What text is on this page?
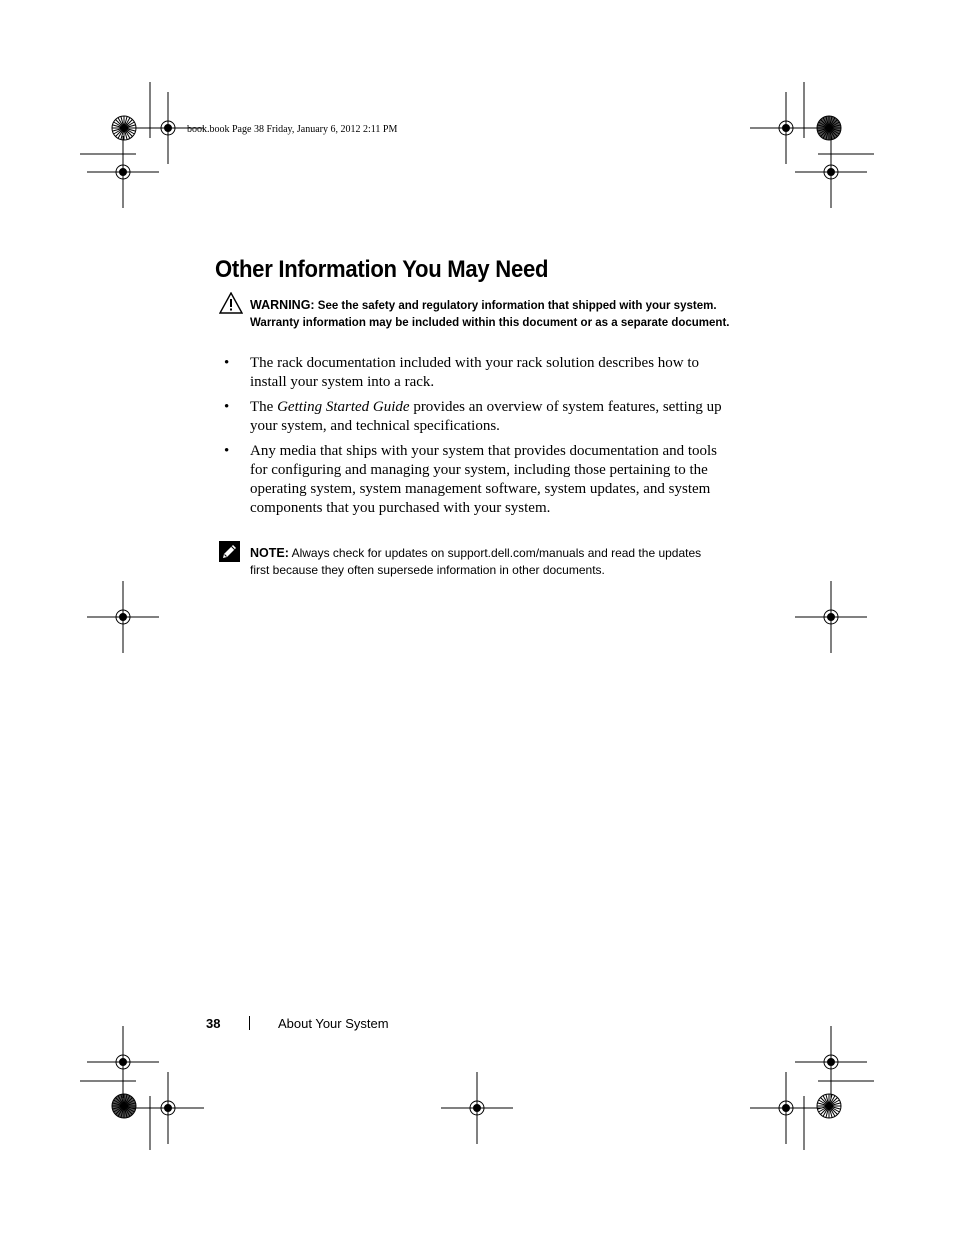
book.book Page 38 Friday, January 6, 2012 2:11 PM
Other Information You May Need
WARNING: See the safety and regulatory information that shipped with your system. Warranty information may be included within this document or as a separate document.
• The rack documentation included with your rack solution describes how to install your system into a rack.
• The Getting Started Guide provides an overview of system features, setting up your system, and technical specifications.
• Any media that ships with your system that provides documentation and tools for configuring and managing your system, including those pertaining to the operating system, system management software, system updates, and system components that you purchased with your system.
NOTE: Always check for updates on support.dell.com/manuals and read the updates first because they often supersede information in other documents.
38	About Your System
